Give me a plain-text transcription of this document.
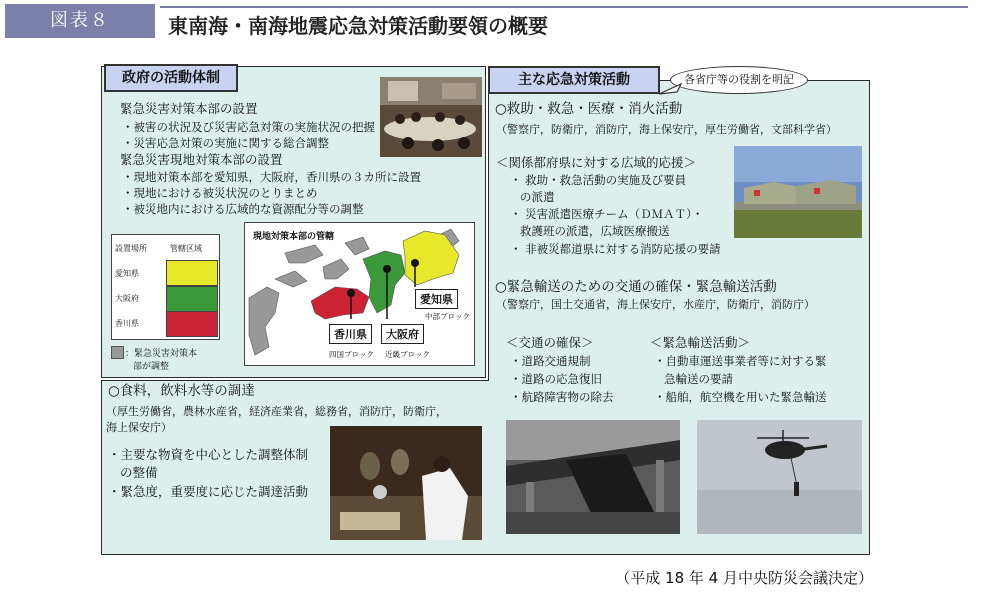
図表８	東南海・南海地震応急対策活動要領の概要
政府の活動体制
緊急災害対策本部の設置
・被害の状況及び災害応急対策の実施状況の把握
・災害応急対策の実施に関する総合調整
緊急災害現地対策本部の設置
・現地対策本部を愛知県，大阪府，香川県の３カ所に設置
・現地における被災状況のとりまとめ
・被災地内における広域的な資源配分等の調整
設置場所	管轄区域
愛知県
大阪府
香川県
：緊急災害対策本
部が調整
現地対策本部の管轄
愛知県
中部ブロック
香川県	大阪府
四国ブロック 近畿ブロック
主な応急対策活動	各省庁等の役割を明記
○救助・救急・医療・消火活動
（警察庁，防衛庁，消防庁，海上保安庁，厚生労働省，文部科学省）
＜関係都府県に対する広域的応援＞
・ 救助・救急活動の実施及び要員
の派遣
・ 災害派遣医療チーム（ＤＭＡＴ）・
救護班の派遣，広域医療搬送
・ 非被災都道県に対する消防応援の要請
○緊急輸送のための交通の確保・緊急輸送活動
（警察庁，国土交通省，海上保安庁，水産庁，防衛庁，消防庁）
＜交通の確保＞
・道路交通規制
・道路の応急復旧
・航路障害物の除去
＜緊急輸送活動＞
・自動車運送事業者等に対する緊
急輸送の要請
・船舶，航空機を用いた緊急輸送
○食料，飲料水等の調達
（厚生労働省，農林水産省，経済産業省，総務省，消防庁，防衛庁，
海上保安庁）
・主要な物資を中心とした調整体制
の整備
・緊急度，重要度に応じた調達活動
（平成 18 年 4 月中央防災会議決定）
